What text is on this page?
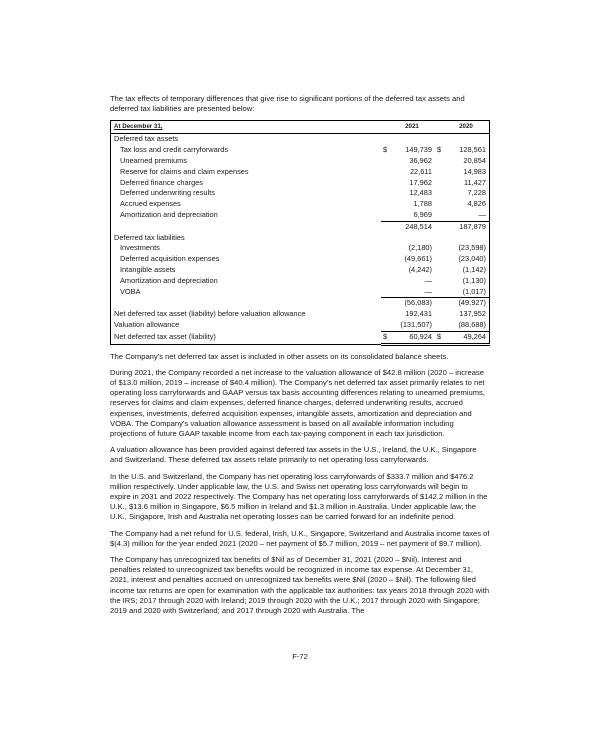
The tax effects of temporary differences that give rise to significant portions of the deferred tax assets and deferred tax liabilities are presented below:

At December 31,		2021		2020
Deferred tax assets				
Tax loss and credit carryforwards	$	149,739	$	128,561
Unearned premiums		36,962		20,854
Reserve for claims and claim expenses		22,611		14,983
Deferred finance charges		17,962		11,427
Deferred underwriting results		12,483		7,228
Accrued expenses		1,788		4,826
Amortization and depreciation		6,969		—
		248,514		187,879
Deferred tax liabilities				
Investments		(2,180)		(23,598)
Deferred acquisition expenses		(49,661)		(23,040)
Intangible assets		(4,242)		(1,142)
Amortization and depreciation		—		(1,130)
VOBA		—		(1,017)
		(56,083)		(49,927)
Net deferred tax asset (liability) before valuation allowance		192,431		137,952
Valuation allowance		(131,507)		(88,688)
Net deferred tax asset (liability)	$	60,924	$	49,264

The Company’s net deferred tax asset is included in other assets on its consolidated balance sheets.

During 2021, the Company recorded a net increase to the valuation allowance of $42.8 million (2020 – increase of $13.0 million, 2019 – increase of $40.4 million). The Company’s net deferred tax asset primarily relates to net operating loss carryforwards and GAAP versus tax basis accounting differences relating to unearned premiums, reserves for claims and claim expenses, deferred finance charges, deferred underwriting results, accrued expenses, investments, deferred acquisition expenses, intangible assets, amortization and depreciation and VOBA. The Company’s valuation allowance assessment is based on all available information including projections of future GAAP taxable income from each tax-paying component in each tax jurisdiction.

A valuation allowance has been provided against deferred tax assets in the U.S., Ireland, the U.K., Singapore and Switzerland. These deferred tax assets relate primarily to net operating loss carryforwards.

In the U.S. and Switzerland, the Company has net operating loss carryforwards of $333.7 million and $476.2 million respectively. Under applicable law, the U.S. and Swiss net operating loss carryforwards will begin to expire in 2031 and 2022 respectively. The Company has net operating loss carryforwards of $142.2 million in the U.K., $13.6 million in Singapore, $6.5 million in Ireland and $1.3 million in Australia. Under applicable law, the U.K., Singapore, Irish and Australia net operating losses can be carried forward for an indefinite period.

The Company had a net refund for U.S. federal, Irish, U.K., Singapore, Switzerland and Australia income taxes of $(4.3) million for the year ended 2021 (2020 – net payment of $5.7 million, 2019 – net payment of $9.7 million).

The Company has unrecognized tax benefits of $Nil as of December 31, 2021 (2020 – $Nil). Interest and penalties related to unrecognized tax benefits would be recognized in income tax expense. At December 31, 2021, interest and penalties accrued on unrecognized tax benefits were $Nil (2020 – $Nil). The following filed income tax returns are open for examination with the applicable tax authorities: tax years 2018 through 2020 with the IRS; 2017 through 2020 with Ireland; 2019 through 2020 with the U.K.; 2017 through 2020 with Singapore; 2019 and 2020 with Switzerland; and 2017 through 2020 with Australia. The

F-72
